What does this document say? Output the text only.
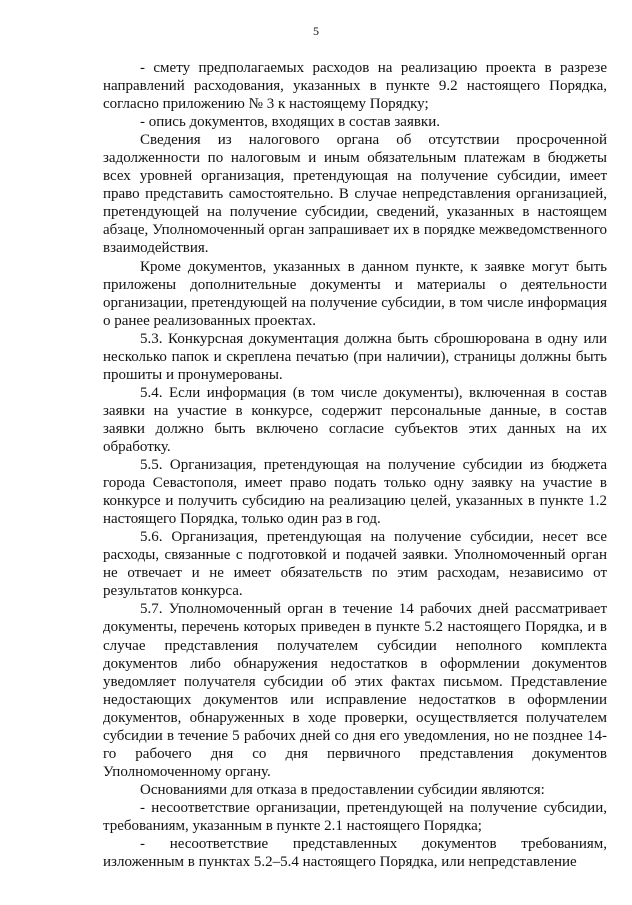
5

- смету предполагаемых расходов на реализацию проекта в разрезе направлений расходования, указанных в пункте 9.2 настоящего Порядка, согласно приложению № 3 к настоящему Порядку;

- опись документов, входящих в состав заявки.

Сведения из налогового органа об отсутствии просроченной задолженности по налоговым и иным обязательным платежам в бюджеты всех уровней организация, претендующая на получение субсидии, имеет право представить самостоятельно. В случае непредставления организацией, претендующей на получение субсидии, сведений, указанных в настоящем абзаце, Уполномоченный орган запрашивает их в порядке межведомственного взаимодействия.

Кроме документов, указанных в данном пункте, к заявке могут быть приложены дополнительные документы и материалы о деятельности организации, претендующей на получение субсидии, в том числе информация о ранее реализованных проектах.

5.3. Конкурсная документация должна быть сброшюрована в одну или несколько папок и скреплена печатью (при наличии), страницы должны быть прошиты и пронумерованы.

5.4. Если информация (в том числе документы), включенная в состав заявки на участие в конкурсе, содержит персональные данные, в состав заявки должно быть включено согласие субъектов этих данных на их обработку.

5.5. Организация, претендующая на получение субсидии из бюджета города Севастополя, имеет право подать только одну заявку на участие в конкурсе и получить субсидию на реализацию целей, указанных в пункте 1.2 настоящего Порядка, только один раз в год.

5.6. Организация, претендующая на получение субсидии, несет все расходы, связанные с подготовкой и подачей заявки. Уполномоченный орган не отвечает и не имеет обязательств по этим расходам, независимо от результатов конкурса.

5.7. Уполномоченный орган в течение 14 рабочих дней рассматривает документы, перечень которых приведен в пункте 5.2 настоящего Порядка, и в случае представления получателем субсидии неполного комплекта документов либо обнаружения недостатков в оформлении документов уведомляет получателя субсидии об этих фактах письмом. Представление недостающих документов или исправление недостатков в оформлении документов, обнаруженных в ходе проверки, осуществляется получателем субсидии в течение 5 рабочих дней со дня его уведомления, но не позднее 14-го рабочего дня со дня первичного представления документов Уполномоченному органу.

Основаниями для отказа в предоставлении субсидии являются:

- несоответствие организации, претендующей на получение субсидии, требованиям, указанным в пункте 2.1 настоящего Порядка;

- несоответствие представленных документов требованиям, изложенным в пунктах 5.2–5.4 настоящего Порядка, или непредставление
